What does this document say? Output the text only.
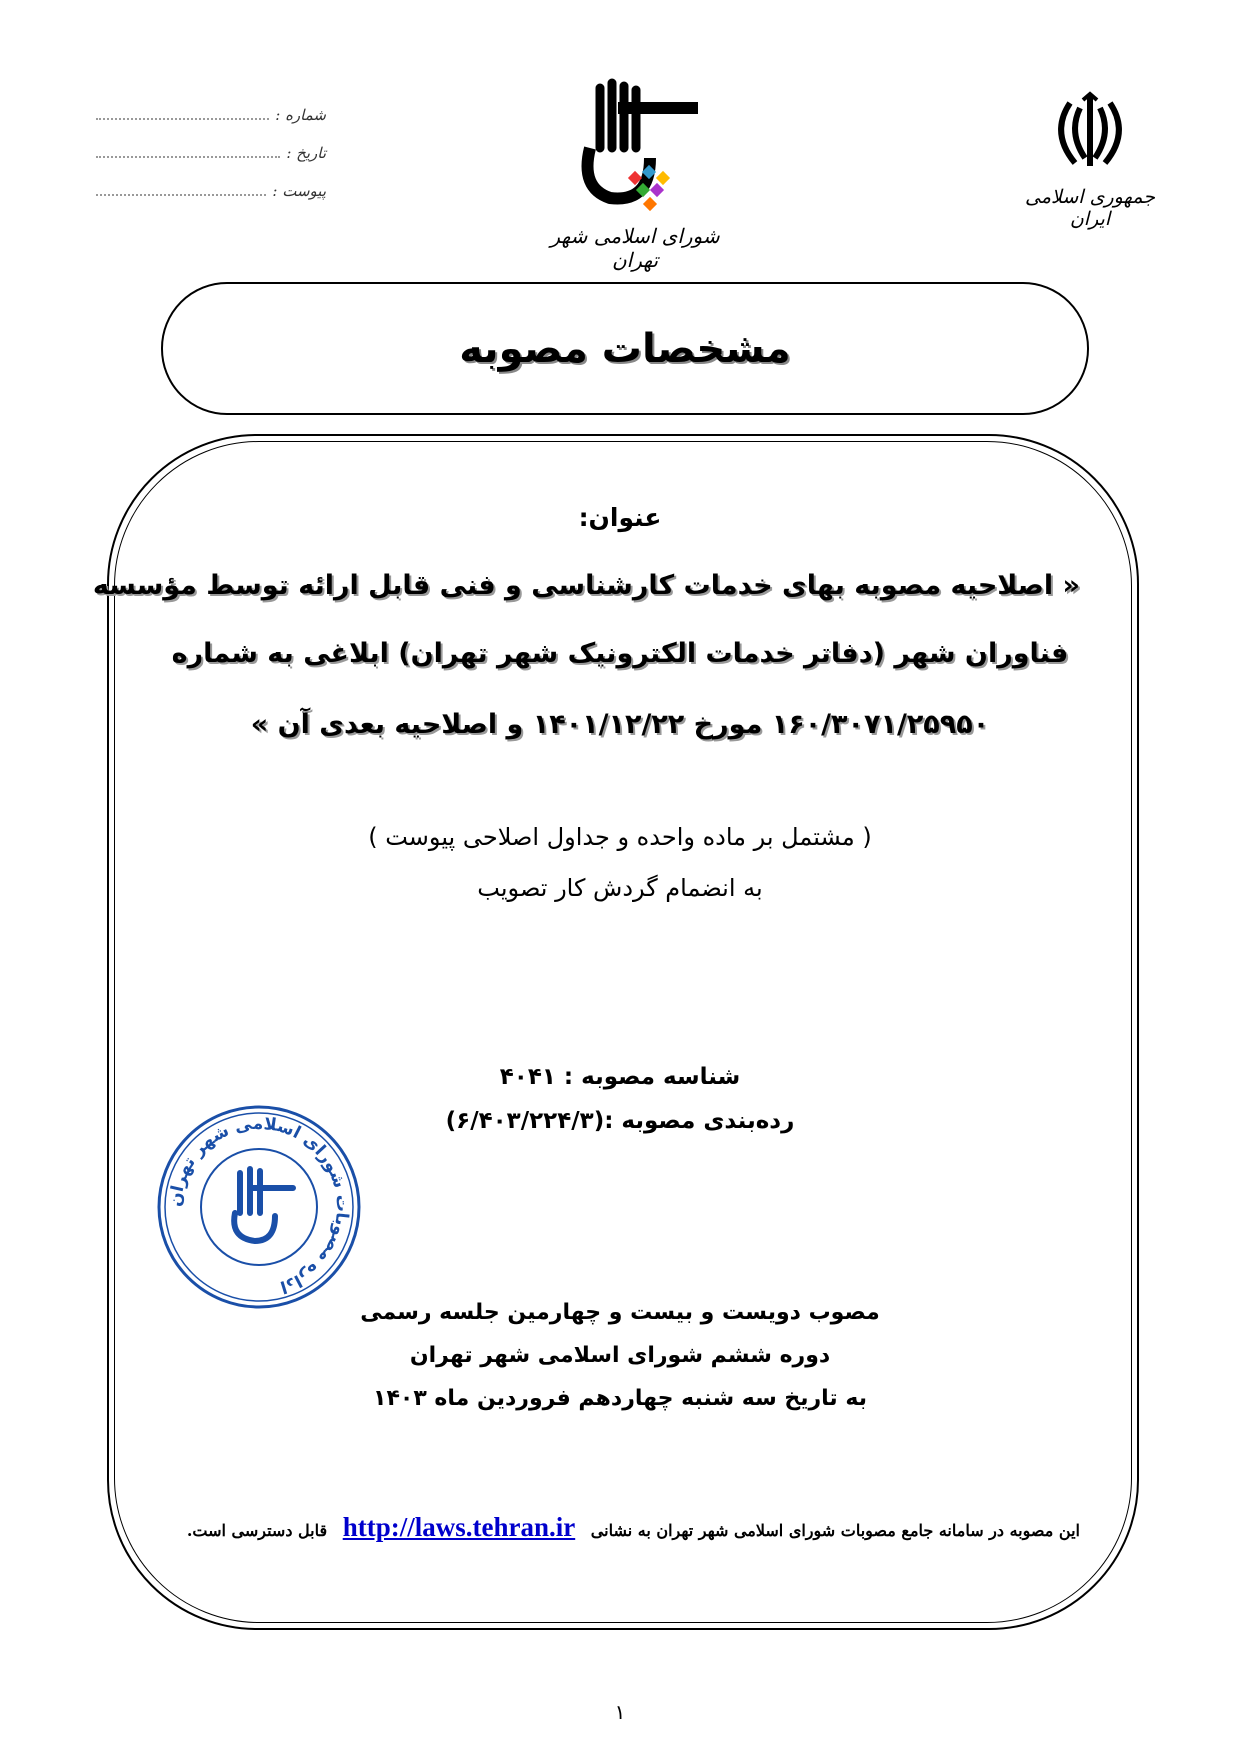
شماره :
تاریخ :
پیوست :
شورای اسلامی شهر تهران
جمهوری اسلامی ایران
مشخصات مصوبه
عنوان:
« اصلاحیه مصوبه بهای خدمات کارشناسی و فنی قابل ارائه توسط مؤسسه
فناوران شهر (دفاتر خدمات الکترونیک شهر تهران) ابلاغی به شماره
۱۶۰/۳۰۷۱/۲۵۹۵۰ مورخ ۱۴۰۱/۱۲/۲۲ و اصلاحیه بعدی آن »
( مشتمل بر ماده واحده و جداول اصلاحی پیوست )
به انضمام گردش کار تصویب
شناسه مصوبه : ۴۰۴۱
رده‌بندی مصوبه :(۶/۴۰۳/۲۲۴/۳)
اداره مصوبات شورای اسلامی شهر تهران
مصوب دویست و بیست و چهارمین جلسه رسمی
دوره ششم شورای اسلامی شهر تهران
به تاریخ سه شنبه چهاردهم فروردین ماه ۱۴۰۳
این مصوبه در سامانه جامع مصوبات شورای اسلامی شهر تهران به نشانی http://laws.tehran.ir قابل دسترسی است.
۱
